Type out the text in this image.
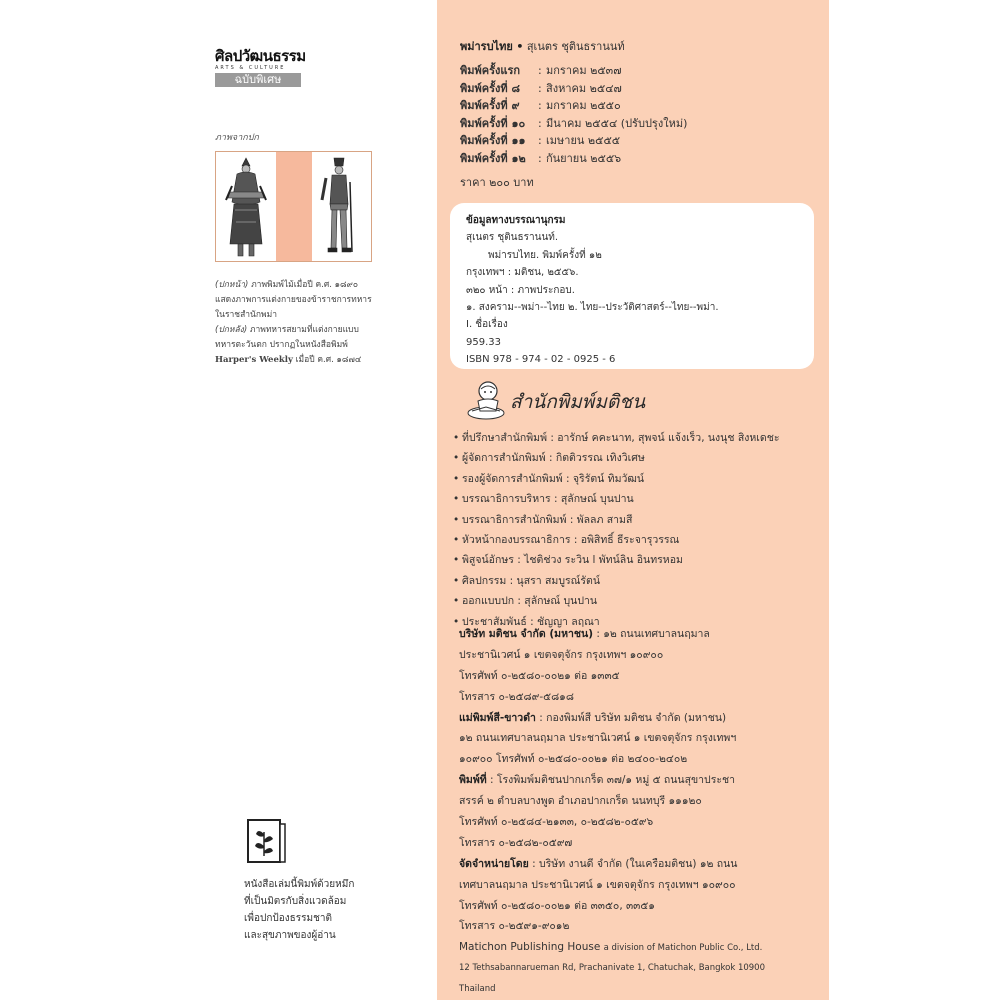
ศิลปวัฒนธรรม
ARTS & CULTURE
ฉบับพิเศษ
ภาพจากปก
(ปกหน้า) ภาพพิมพ์ไม้เมื่อปี ค.ศ. ๑๘๙๐ แสดงภาพการแต่งกายของข้าราชการทหารในราชสำนักพม่า
(ปกหลัง) ภาพทหารสยามที่แต่งกายแบบทหารตะวันตก ปรากฏในหนังสือพิมพ์ Harper's Weekly เมื่อปี ค.ศ. ๑๘๗๔
หนังสือเล่มนี้พิมพ์ด้วยหมึก
ที่เป็นมิตรกับสิ่งแวดล้อม
เพื่อปกป้องธรรมชาติ
และสุขภาพของผู้อ่าน
พม่ารบไทย • สุเนตร ชุตินธรานนท์
พิมพ์ครั้งแรก	: มกราคม ๒๕๓๗
พิมพ์ครั้งที่ ๘	: สิงหาคม ๒๕๔๗
พิมพ์ครั้งที่ ๙	: มกราคม ๒๕๕๐
พิมพ์ครั้งที่ ๑๐	: มีนาคม ๒๕๕๔ (ปรับปรุงใหม่)
พิมพ์ครั้งที่ ๑๑	: เมษายน ๒๕๕๕
พิมพ์ครั้งที่ ๑๒	: กันยายน ๒๕๕๖
ราคา ๒๐๐ บาท
ข้อมูลทางบรรณานุกรม
สุเนตร ชุตินธรานนท์.
พม่ารบไทย. พิมพ์ครั้งที่ ๑๒
กรุงเทพฯ : มติชน, ๒๕๕๖.
๓๒๐ หน้า : ภาพประกอบ.
๑. สงคราม--พม่า--ไทย ๒. ไทย--ประวัติศาสตร์--ไทย--พม่า.
I. ชื่อเรื่อง
959.33
ISBN 978 - 974 - 02 - 0925 - 6
สำนักพิมพ์มติชน
• ที่ปรึกษาสำนักพิมพ์ : อารักษ์ คคะนาท, สุพจน์ แจ้งเร็ว, นงนุช สิงหเดชะ
• ผู้จัดการสำนักพิมพ์ : กิตติวรรณ เทิงวิเศษ
• รองผู้จัดการสำนักพิมพ์ : จุริรัตน์ ทิมวัฒน์
• บรรณาธิการบริหาร : สุลักษณ์ บุนปาน
• บรรณาธิการสำนักพิมพ์ : พัลลภ สามสี
• หัวหน้ากองบรรณาธิการ : อพิสิทธิ์ ธีระจารุวรรณ
• พิสูจน์อักษร : ไชติช่วง ระวิน l พัทน์ลิน อินทรหอม
• ศิลปกรรม : นุสรา สมบูรณ์รัตน์
• ออกแบบปก : สุลักษณ์ บุนปาน
• ประชาสัมพันธ์ : ชัญญา ลฤณา
บริษัท มติชน จำกัด (มหาชน) : ๑๒ ถนนเทศบาลนฤมาล
ประชานิเวศน์ ๑ เขตจตุจักร กรุงเทพฯ ๑๐๙๐๐
โทรศัพท์ ๐-๒๕๘๐-๐๐๒๑ ต่อ ๑๓๓๕
โทรสาร ๐-๒๕๘๙-๕๘๑๘
แม่พิมพ์สี-ขาวดำ : กองพิมพ์สี บริษัท มติชน จำกัด (มหาชน)
๑๒ ถนนเทศบาลนฤมาล ประชานิเวศน์ ๑ เขตจตุจักร กรุงเทพฯ
๑๐๙๐๐ โทรศัพท์ ๐-๒๕๘๐-๐๐๒๑ ต่อ ๒๔๐๐-๒๔๐๒
พิมพ์ที่ : โรงพิมพ์มติชนปากเกร็ด ๓๗/๑ หมู่ ๕ ถนนสุขาประชา
สรรค์ ๒ ตำบลบางพูด อำเภอปากเกร็ด นนทบุรี ๑๑๑๒๐
โทรศัพท์ ๐-๒๕๘๔-๒๑๓๓, ๐-๒๕๘๒-๐๕๙๖
โทรสาร ๐-๒๕๘๒-๐๕๙๗
จัดจำหน่ายโดย : บริษัท งานดี จำกัด (ในเครือมติชน) ๑๒ ถนน
เทศบาลนฤมาล ประชานิเวศน์ ๑ เขตจตุจักร กรุงเทพฯ ๑๐๙๐๐
โทรศัพท์ ๐-๒๕๘๐-๐๐๒๑ ต่อ ๓๓๕๐, ๓๓๕๑
โทรสาร ๐-๒๕๙๑-๙๐๑๒
Matichon Publishing House a division of Matichon Public Co., Ltd.
12 Tethsabannarueman Rd, Prachanivate 1, Chatuchak, Bangkok 10900
Thailand
